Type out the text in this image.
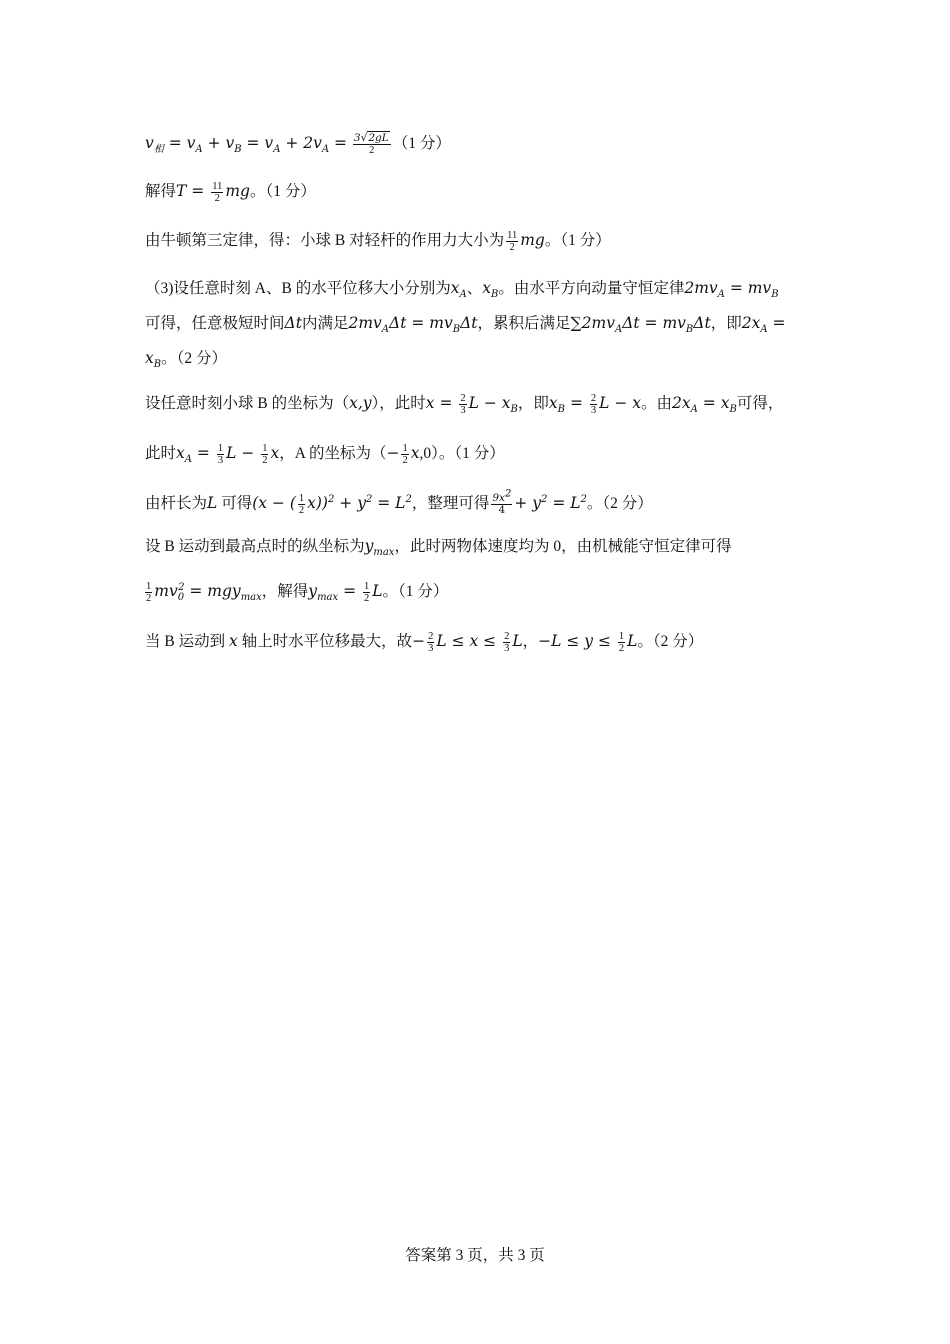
$v_相 = v_A + v_B = v_A + 2v_A = \frac{3√2gL}{2} (1$ 分）
解得$T = \frac{11}{2}$ mg。（1 分）
由牛顿第三定律，得：小球 B 对轻杆的作用力大小为 $\frac{11}{2}$ mg。（1 分）
（3)设任意时刻 A、B 的水平位移大小分别为$x_A$、$x_B$。由水平方向动量守恒定律$2mv_A = mv_B$
可得，任意极短时间Δt内满足$2mv_A\Delta t = mv_B\Delta t$，累积后满足$\sum 2mv_A\Delta t = mv_B\Delta t$，即$2x_A$ =
$x_B$。（2 分）
设任意时刻小球 B 的坐标为（x,y），此时$x = \frac{2}{3}$ $L - x_B$，即$x_B = \frac{2}{3}$ L − x。由$2x_A = x_B$可得，
此时$x_A = \frac{1}{3}$ $L - \frac{1}{2}$ x，A 的坐标为（− $\frac{1}{2} x,0$）。（1 分）
由杆长为L 可得(x − ( $\frac{1}{2} x))^2 + y^2 = L^2$，整理可得 $\frac{9x^2}{4} + y^2 = L^2$。（2 分）
设 B 运动到最高点时的纵坐标为$y_{max}$，此时两物体速度均为 0，由机械能守恒定律可得
$\frac{1}{2} mv_0^2 = mgy_{max}$，解得$y_{max} = \frac{1}{2}$ L。（1 分）
当 B 运动到 x 轴上时水平位移最大，故− $\frac{2}{3}$ $L \le x \le \frac{2}{3}$ L，$-L \le y \le \frac{1}{2}$ L。（2 分）
答案第 3 页，共 3 页
